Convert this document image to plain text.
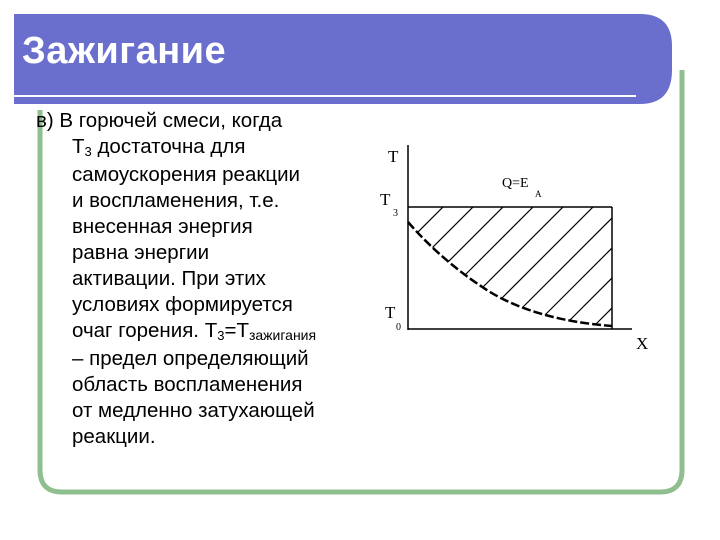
Зажигание
в) В горючей смеси, когда
Т3 достаточна для
самоускорения реакции
и воспламенения, т.е.
внесенная энергия
равна энергии
активации. При этих
условиях формируется
очаг горения. Т3=Тзажигания
– предел определяющий
область воспламенения
от медленно затухающей
реакции.
T
T
3
T
0
X
Q=E
A
